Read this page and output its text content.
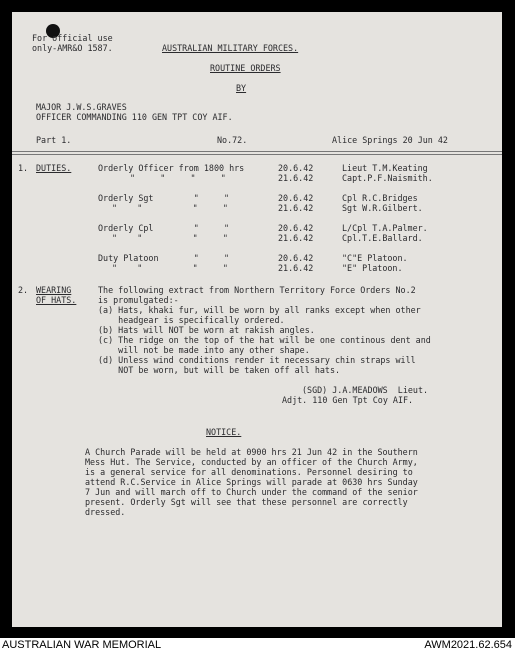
For official use
only-AMR&O 1587.	AUSTRALIAN MILITARY FORCES.
ROUTINE ORDERS
BY
MAJOR J.W.S.GRAVES
OFFICER COMMANDING 110 GEN TPT COY AIF.
Part 1.	No.72.	Alice Springs 20 Jun 42
1. DUTIES.	Orderly Officer from 1800 hrs	20.6.42	Lieut T.M.Keating
"     "     "     "	21.6.42	Capt.P.F.Naismith.
Orderly Sgt        "     "	20.6.42	Cpl R.C.Bridges
"    "          "     "	21.6.42	Sgt W.R.Gilbert.
Orderly Cpl        "     "	20.6.42	L/Cpl T.A.Palmer.
"    "          "     "	21.6.42	Cpl.T.E.Ballard.
Duty Platoon       "     "	20.6.42	"C"E Platoon.
"    "          "     "	21.6.42	"E" Platoon.
2. WEARING
OF HATS.
The following extract from Northern Territory Force Orders No.2
is promulgated:-
(a) Hats, khaki fur, will be worn by all ranks except when other
headgear is specifically ordered.
(b) Hats will NOT be worn at rakish angles.
(c) The ridge on the top of the hat will be one continous dent and
will not be made into any other shape.
(d) Unless wind conditions render it necessary chin straps will
NOT be worn, but will be taken off all hats.
(SGD) J.A.MEADOWS  Lieut.
Adjt. 110 Gen Tpt Coy AIF.
NOTICE.
A Church Parade will be held at 0900 hrs 21 Jun 42 in the Southern
Mess Hut. The Service, conducted by an officer of the Church Army,
is a general service for all denominations. Personnel desiring to
attend R.C.Service in Alice Springs will parade at 0630 hrs Sunday
7 Jun and will march off to Church under the command of the senior
present. Orderly Sgt will see that these personnel are correctly
dressed.
AUSTRALIAN WAR MEMORIAL	AWM2021.62.654
